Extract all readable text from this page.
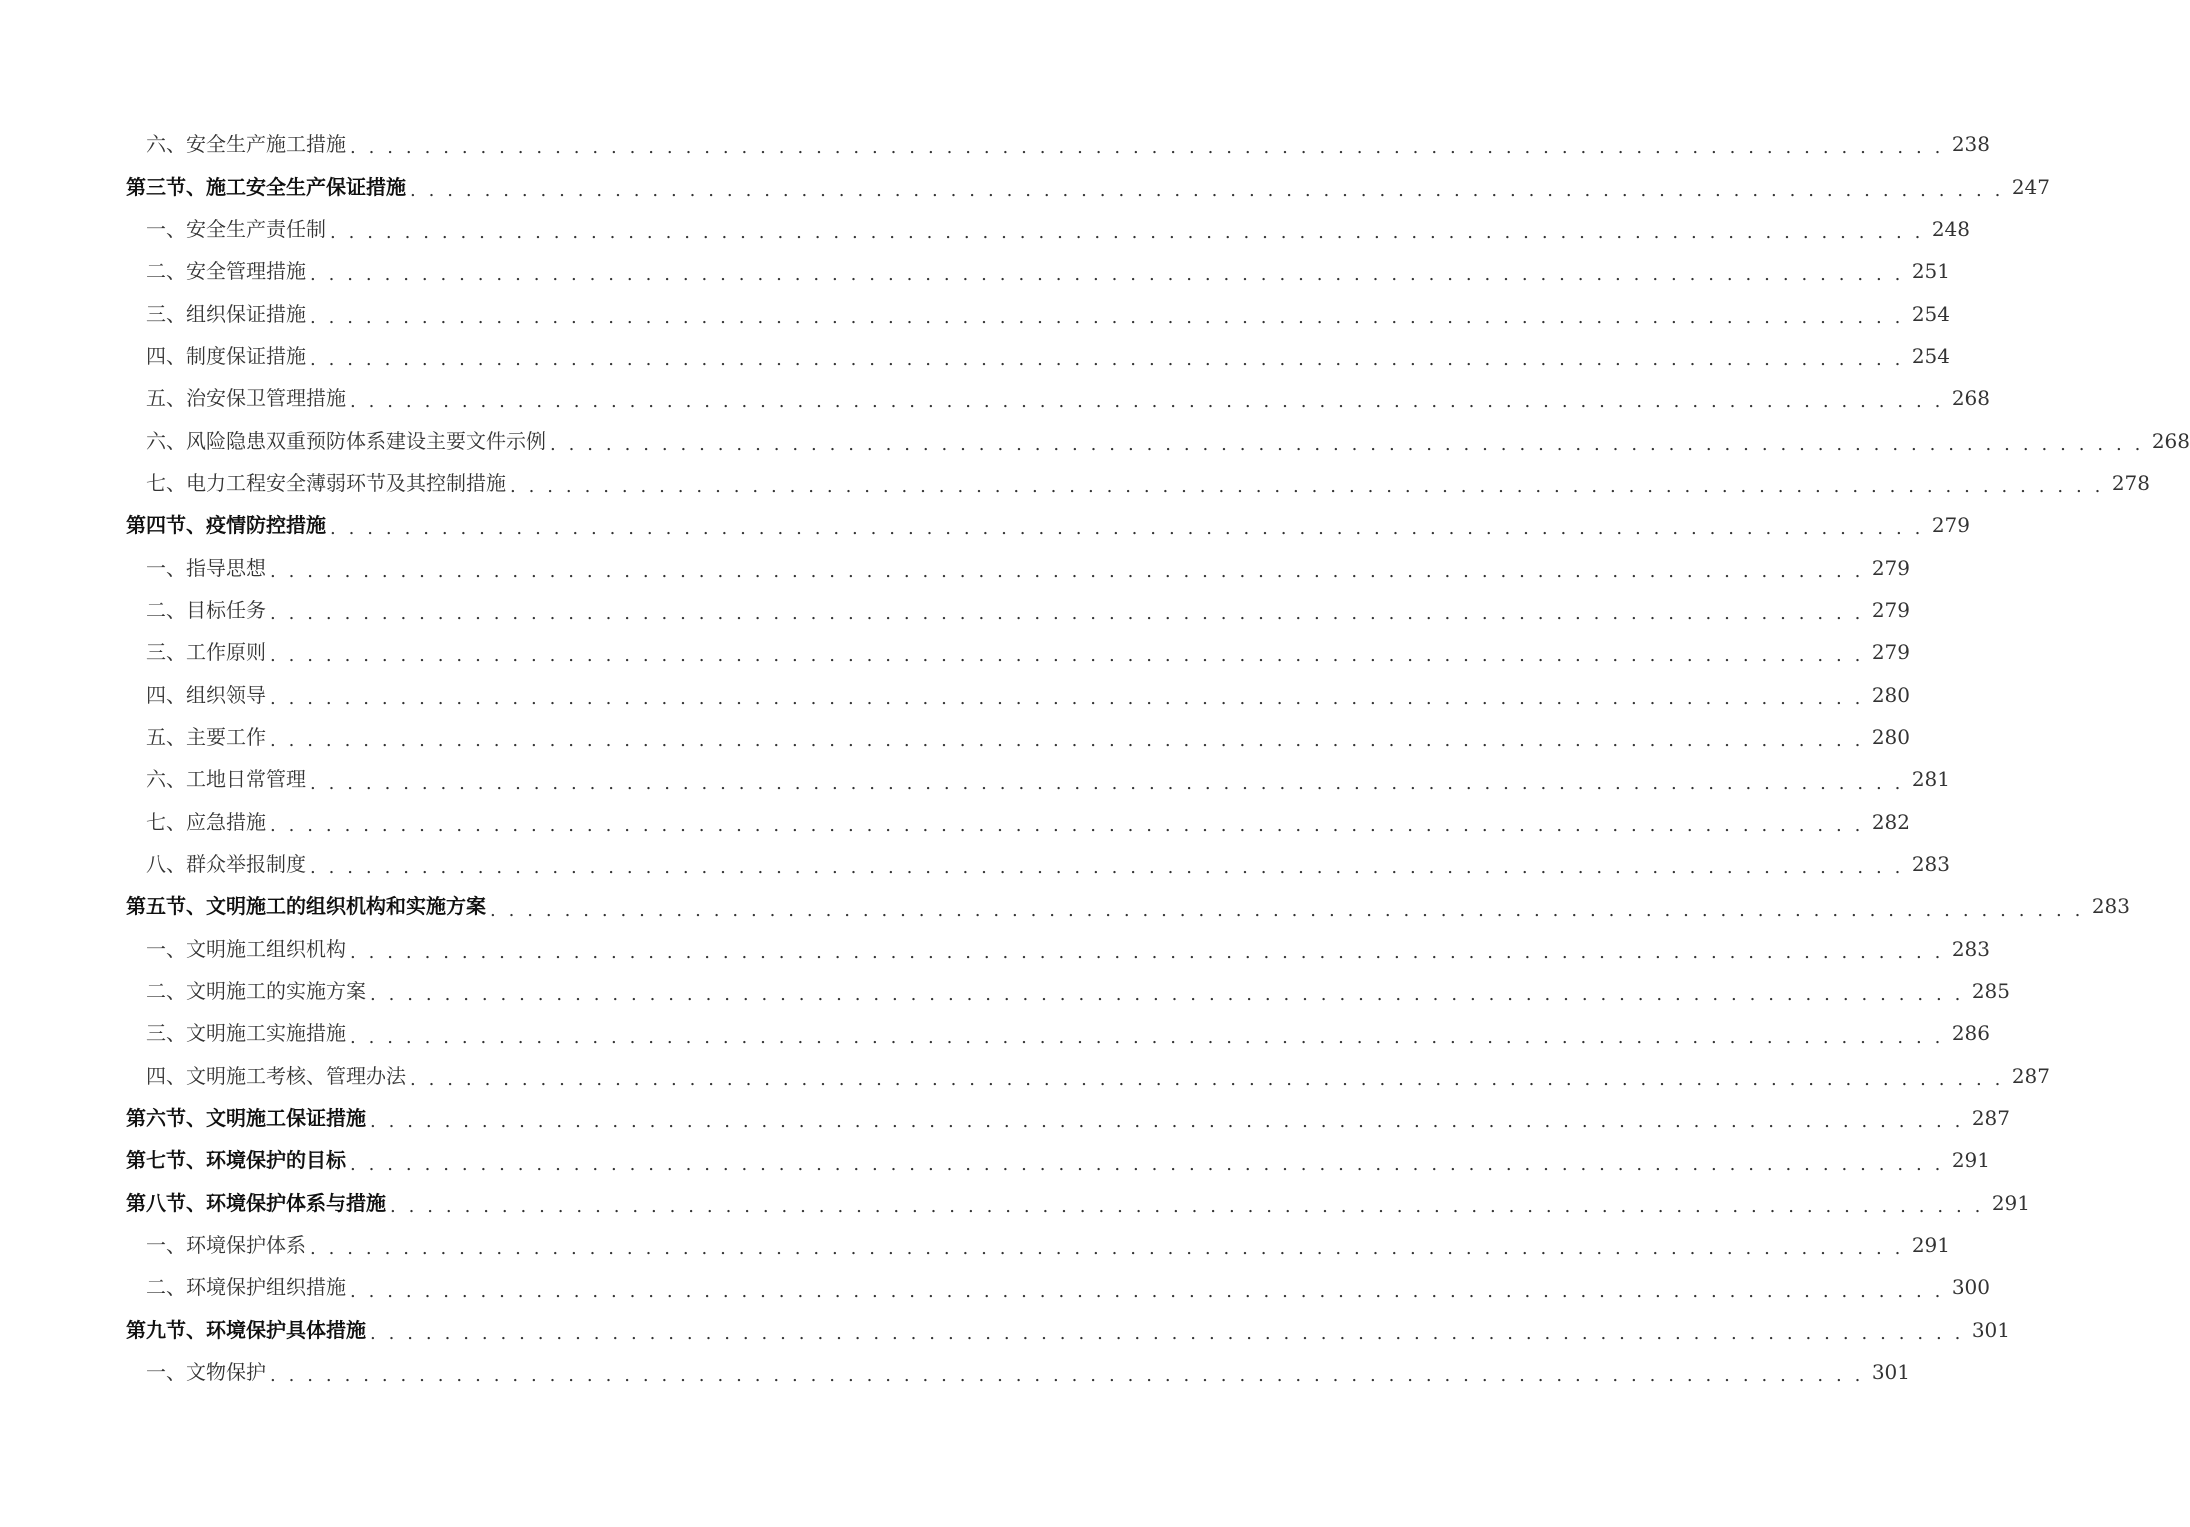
六、安全生产施工措施 . . . . . . . . . . . . . . . . . . . . . . . . . . . . . . . . . . . . . . . . . . . . . . . . . . . . . . . . . . . . . . . . . . . . . . . . . . . . . . . . . . . . . . 238
第三节、施工安全生产保证措施 . . . . . . . . . . . . . . . . . . . . . . . . . . . . . . . . . . . . . . . . . . . . . . . . . . . . . . . . . . . . . . . . . . . . . . . . . . . . . . . . . . . . . . 247
一、安全生产责任制 . . . . . . . . . . . . . . . . . . . . . . . . . . . . . . . . . . . . . . . . . . . . . . . . . . . . . . . . . . . . . . . . . . . . . . . . . . . . . . . . . . . . . . 248
二、安全管理措施 . . . . . . . . . . . . . . . . . . . . . . . . . . . . . . . . . . . . . . . . . . . . . . . . . . . . . . . . . . . . . . . . . . . . . . . . . . . . . . . . . . . . . . 251
三、组织保证措施 . . . . . . . . . . . . . . . . . . . . . . . . . . . . . . . . . . . . . . . . . . . . . . . . . . . . . . . . . . . . . . . . . . . . . . . . . . . . . . . . . . . . . . 254
四、制度保证措施 . . . . . . . . . . . . . . . . . . . . . . . . . . . . . . . . . . . . . . . . . . . . . . . . . . . . . . . . . . . . . . . . . . . . . . . . . . . . . . . . . . . . . . 254
五、治安保卫管理措施 . . . . . . . . . . . . . . . . . . . . . . . . . . . . . . . . . . . . . . . . . . . . . . . . . . . . . . . . . . . . . . . . . . . . . . . . . . . . . . . . . . . . . . 268
六、风险隐患双重预防体系建设主要文件示例 . . . . . . . . . . . . . . . . . . . . . . . . . . . . . . . . . . . . . . . . . . . . . . . . . . . . . . . . . . . . . . . . . . . . . . . . . . . . . . . . . . . . . . 268
七、电力工程安全薄弱环节及其控制措施 . . . . . . . . . . . . . . . . . . . . . . . . . . . . . . . . . . . . . . . . . . . . . . . . . . . . . . . . . . . . . . . . . . . . . . . . . . . . . . . . . . . . . . 278
第四节、疫情防控措施 . . . . . . . . . . . . . . . . . . . . . . . . . . . . . . . . . . . . . . . . . . . . . . . . . . . . . . . . . . . . . . . . . . . . . . . . . . . . . . . . . . . . . . 279
一、指导思想 . . . . . . . . . . . . . . . . . . . . . . . . . . . . . . . . . . . . . . . . . . . . . . . . . . . . . . . . . . . . . . . . . . . . . . . . . . . . . . . . . . . . . . 279
二、目标任务 . . . . . . . . . . . . . . . . . . . . . . . . . . . . . . . . . . . . . . . . . . . . . . . . . . . . . . . . . . . . . . . . . . . . . . . . . . . . . . . . . . . . . . 279
三、工作原则 . . . . . . . . . . . . . . . . . . . . . . . . . . . . . . . . . . . . . . . . . . . . . . . . . . . . . . . . . . . . . . . . . . . . . . . . . . . . . . . . . . . . . . 279
四、组织领导 . . . . . . . . . . . . . . . . . . . . . . . . . . . . . . . . . . . . . . . . . . . . . . . . . . . . . . . . . . . . . . . . . . . . . . . . . . . . . . . . . . . . . . 280
五、主要工作 . . . . . . . . . . . . . . . . . . . . . . . . . . . . . . . . . . . . . . . . . . . . . . . . . . . . . . . . . . . . . . . . . . . . . . . . . . . . . . . . . . . . . . 280
六、工地日常管理 . . . . . . . . . . . . . . . . . . . . . . . . . . . . . . . . . . . . . . . . . . . . . . . . . . . . . . . . . . . . . . . . . . . . . . . . . . . . . . . . . . . . . . 281
七、应急措施 . . . . . . . . . . . . . . . . . . . . . . . . . . . . . . . . . . . . . . . . . . . . . . . . . . . . . . . . . . . . . . . . . . . . . . . . . . . . . . . . . . . . . . 282
八、群众举报制度 . . . . . . . . . . . . . . . . . . . . . . . . . . . . . . . . . . . . . . . . . . . . . . . . . . . . . . . . . . . . . . . . . . . . . . . . . . . . . . . . . . . . . . 283
第五节、文明施工的组织机构和实施方案 . . . . . . . . . . . . . . . . . . . . . . . . . . . . . . . . . . . . . . . . . . . . . . . . . . . . . . . . . . . . . . . . . . . . . . . . . . . . . . . . . . . . . . 283
一、文明施工组织机构 . . . . . . . . . . . . . . . . . . . . . . . . . . . . . . . . . . . . . . . . . . . . . . . . . . . . . . . . . . . . . . . . . . . . . . . . . . . . . . . . . . . . . . 283
二、文明施工的实施方案 . . . . . . . . . . . . . . . . . . . . . . . . . . . . . . . . . . . . . . . . . . . . . . . . . . . . . . . . . . . . . . . . . . . . . . . . . . . . . . . . . . . . . . 285
三、文明施工实施措施 . . . . . . . . . . . . . . . . . . . . . . . . . . . . . . . . . . . . . . . . . . . . . . . . . . . . . . . . . . . . . . . . . . . . . . . . . . . . . . . . . . . . . . 286
四、文明施工考核、管理办法 . . . . . . . . . . . . . . . . . . . . . . . . . . . . . . . . . . . . . . . . . . . . . . . . . . . . . . . . . . . . . . . . . . . . . . . . . . . . . . . . . . . . . . 287
第六节、文明施工保证措施 . . . . . . . . . . . . . . . . . . . . . . . . . . . . . . . . . . . . . . . . . . . . . . . . . . . . . . . . . . . . . . . . . . . . . . . . . . . . . . . . . . . . . . 287
第七节、环境保护的目标 . . . . . . . . . . . . . . . . . . . . . . . . . . . . . . . . . . . . . . . . . . . . . . . . . . . . . . . . . . . . . . . . . . . . . . . . . . . . . . . . . . . . . . 291
第八节、环境保护体系与措施 . . . . . . . . . . . . . . . . . . . . . . . . . . . . . . . . . . . . . . . . . . . . . . . . . . . . . . . . . . . . . . . . . . . . . . . . . . . . . . . . . . . . . . 291
一、环境保护体系 . . . . . . . . . . . . . . . . . . . . . . . . . . . . . . . . . . . . . . . . . . . . . . . . . . . . . . . . . . . . . . . . . . . . . . . . . . . . . . . . . . . . . . 291
二、环境保护组织措施 . . . . . . . . . . . . . . . . . . . . . . . . . . . . . . . . . . . . . . . . . . . . . . . . . . . . . . . . . . . . . . . . . . . . . . . . . . . . . . . . . . . . . . 300
第九节、环境保护具体措施 . . . . . . . . . . . . . . . . . . . . . . . . . . . . . . . . . . . . . . . . . . . . . . . . . . . . . . . . . . . . . . . . . . . . . . . . . . . . . . . . . . . . . . 301
一、文物保护 . . . . . . . . . . . . . . . . . . . . . . . . . . . . . . . . . . . . . . . . . . . . . . . . . . . . . . . . . . . . . . . . . . . . . . . . . . . . . . . . . . . . . . 301
